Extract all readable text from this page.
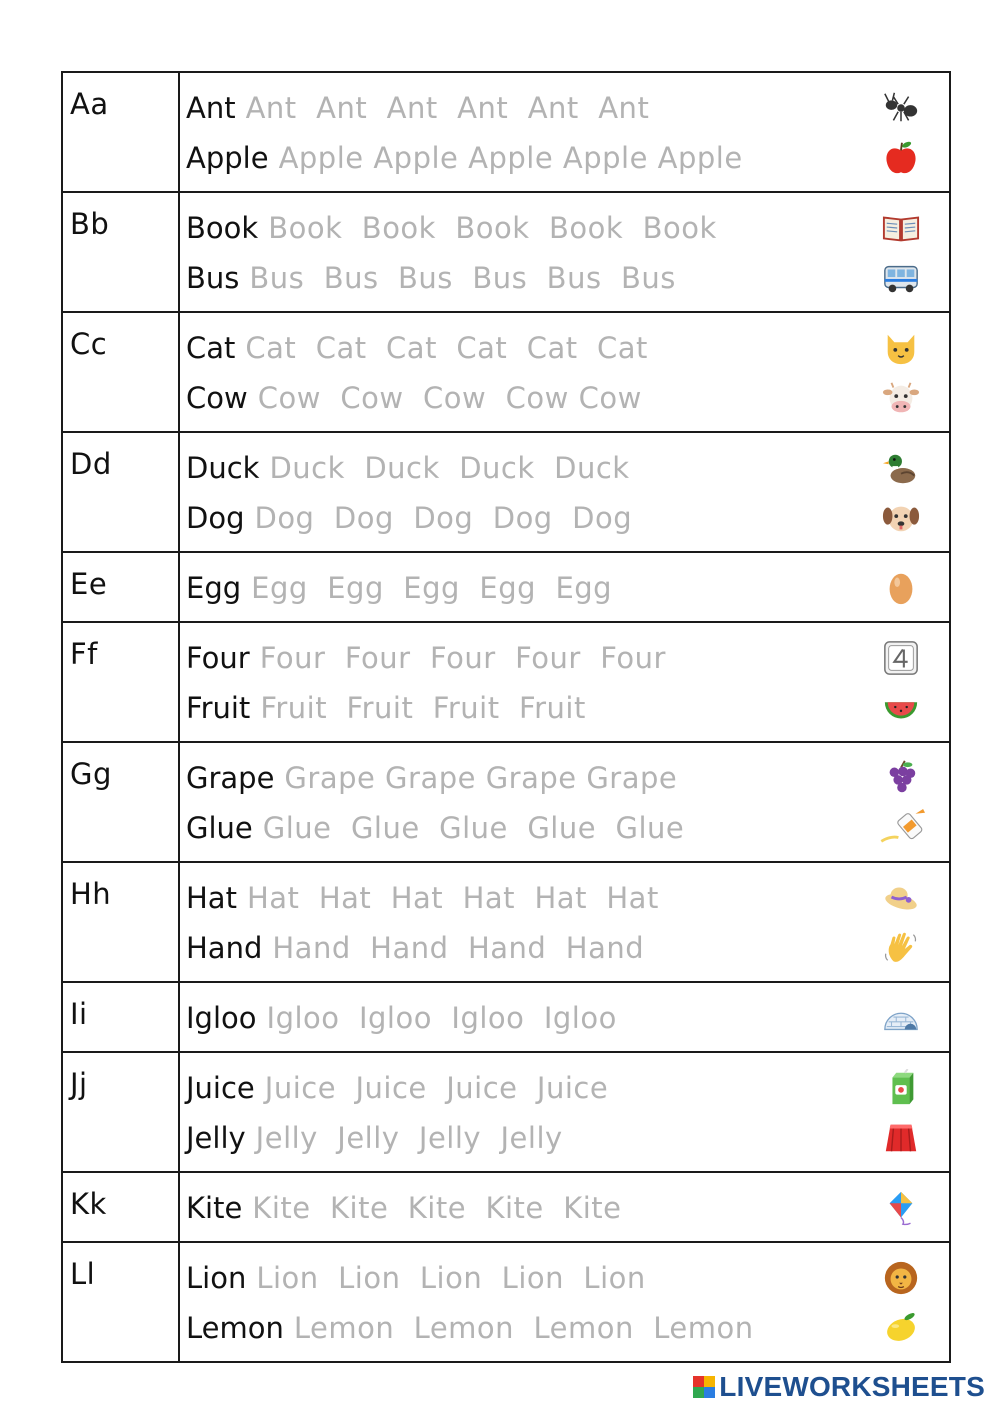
Aa	Ant Ant  Ant  Ant  Ant  Ant  Ant
Apple Apple Apple Apple Apple Apple

Bb	Book Book  Book  Book  Book  Book
Bus Bus  Bus  Bus  Bus  Bus  Bus

Cc	Cat Cat  Cat  Cat  Cat  Cat  Cat
Cow Cow  Cow  Cow  Cow Cow

Dd	Duck Duck  Duck  Duck  Duck
Dog Dog  Dog  Dog  Dog  Dog

Ee	Egg Egg  Egg  Egg  Egg  Egg

Ff	Four Four  Four  Four  Four  Four
Fruit Fruit  Fruit  Fruit  Fruit

Gg	Grape Grape Grape Grape Grape
Glue Glue  Glue  Glue  Glue  Glue

Hh	Hat Hat  Hat  Hat  Hat  Hat  Hat
Hand Hand  Hand  Hand  Hand

Ii	Igloo Igloo  Igloo  Igloo  Igloo

Jj	Juice Juice  Juice  Juice  Juice
Jelly Jelly  Jelly  Jelly  Jelly

Kk	Kite Kite  Kite  Kite  Kite  Kite

Ll	Lion Lion  Lion  Lion  Lion  Lion
Lemon Lemon  Lemon  Lemon  Lemon
LIVEWORKSHEETS
